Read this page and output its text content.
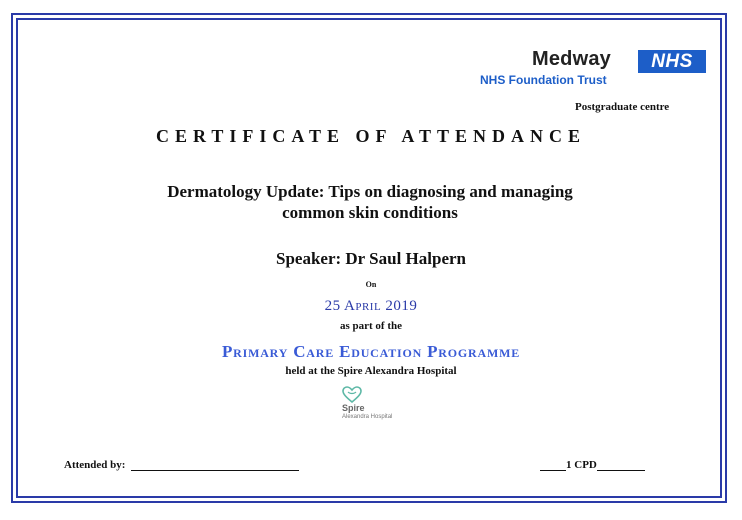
Medway	NHS
NHS Foundation Trust
Postgraduate centre
CERTIFICATE OF ATTENDANCE
Dermatology Update: Tips on diagnosing and managing
common skin conditions
Speaker: Dr Saul Halpern
On
25 April 2019
as part of the
Primary Care Education Programme
held at the Spire Alexandra Hospital
Spire
Alexandra Hospital
Attended by:	1 CPD
